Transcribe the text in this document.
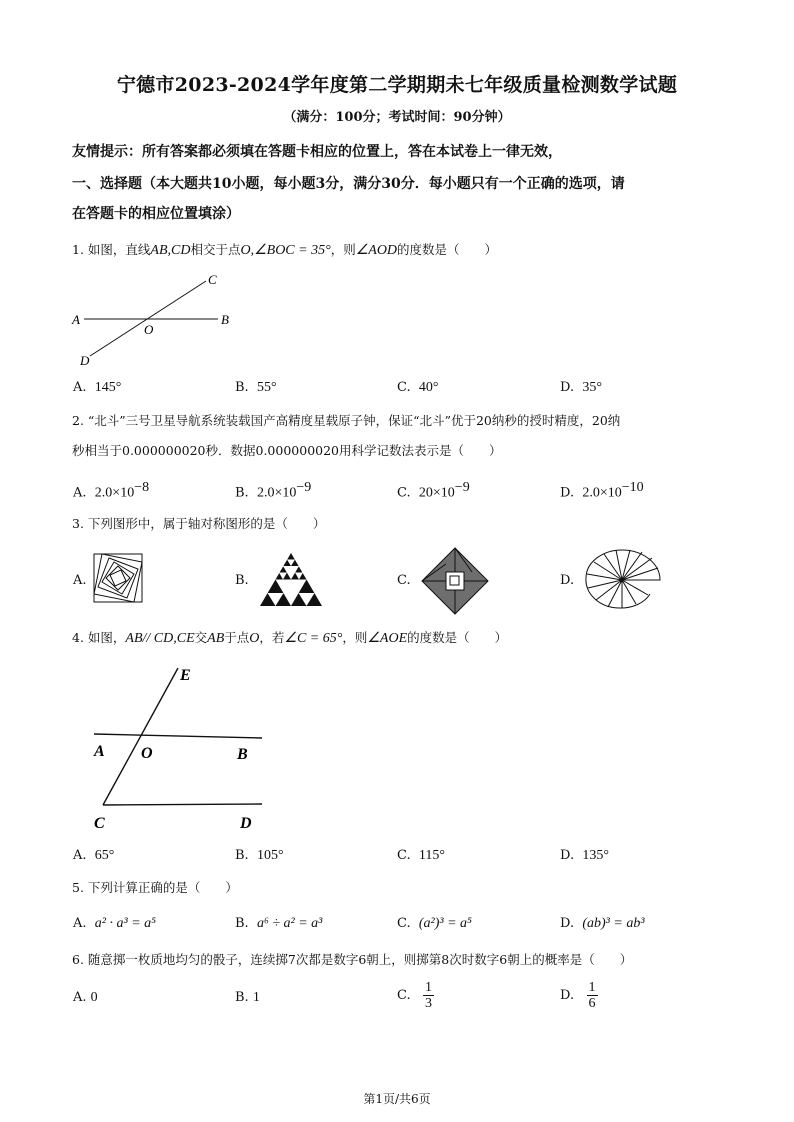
宁德市2023-2024学年度第二学期期未七年级质量检测数学试题
（满分：100分；考试时间：90分钟）
友情提示：所有答案都必须填在答题卡相应的位置上，答在本试卷上一律无效，
一、选择题（本大题共10小题，每小题3分，满分30分．每小题只有一个正确的选项，请
在答题卡的相应位置填涂）
1. 如图，直线AB,CD相交于点O,∠BOC = 35°，则∠AOD的度数是（　　）
A	B
C
D
O
A. 145°	B. 55°	C. 40°	D. 35°
2. “北斗”三号卫星导航系统装载国产高精度星载原子钟，保证“北斗”优于20纳秒的授时精度，20纳
秒相当于0.000000020秒．数据0.000000020用科学记数法表示是（　　）
A. $2.0\times 10^{-8}$	B. $2.0\times 10^{-9}$	C. $20\times 10^{-9}$	D. $2.0\times 10^{-10}$
3. 下列图形中，属于轴对称图形的是（　　）
A.	B.	C.	D.
4. 如图，AB// CD,CE交AB于点O，若∠C = 65°，则∠AOE的度数是（　　）
E
A O	B
C	D
A. 65°	B. 105°	C. 115°	D. 135°
5. 下列计算正确的是（　　）
A. a² · a³ = a⁵	B. a⁶ ÷ a² = a³	C. (a²)³ = a⁵	D. (ab)³ = ab³
6. 随意掷一枚质地均匀的骰子，连续掷7次都是数字6朝上，则掷第8次时数字6朝上的概率是（　　）
A. 0	B. 1	C. $\frac{1}{3}$	D. $\frac{1}{6}$
第1页/共6页
